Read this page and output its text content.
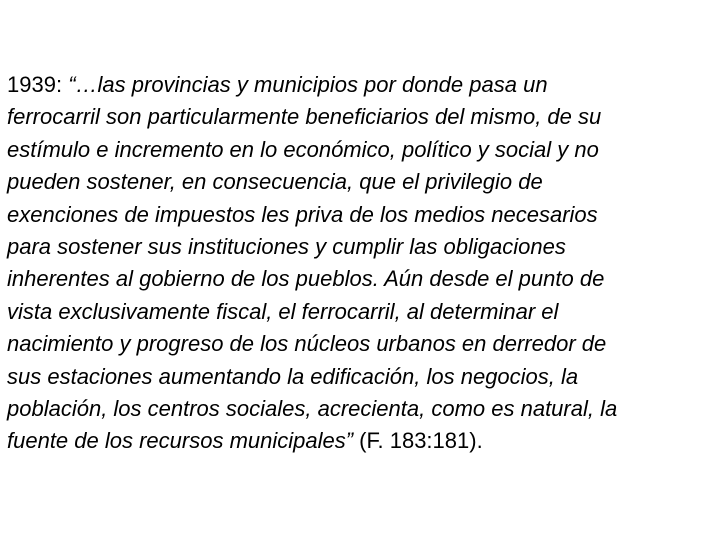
1939: “…las provincias y municipios por donde pasa un
ferrocarril son particularmente beneficiarios del mismo, de su
estímulo e incremento en lo económico, político y social y no
pueden sostener, en consecuencia, que el privilegio de
exenciones de impuestos les priva de los medios necesarios
para sostener sus instituciones y cumplir las obligaciones
inherentes al gobierno de los pueblos. Aún desde el punto de
vista exclusivamente fiscal, el ferrocarril, al determinar el
nacimiento y progreso de los núcleos urbanos en derredor de
sus estaciones aumentando la edificación, los negocios, la
población, los centros sociales, acrecienta, como es natural, la
fuente de los recursos municipales” (F. 183:181).
